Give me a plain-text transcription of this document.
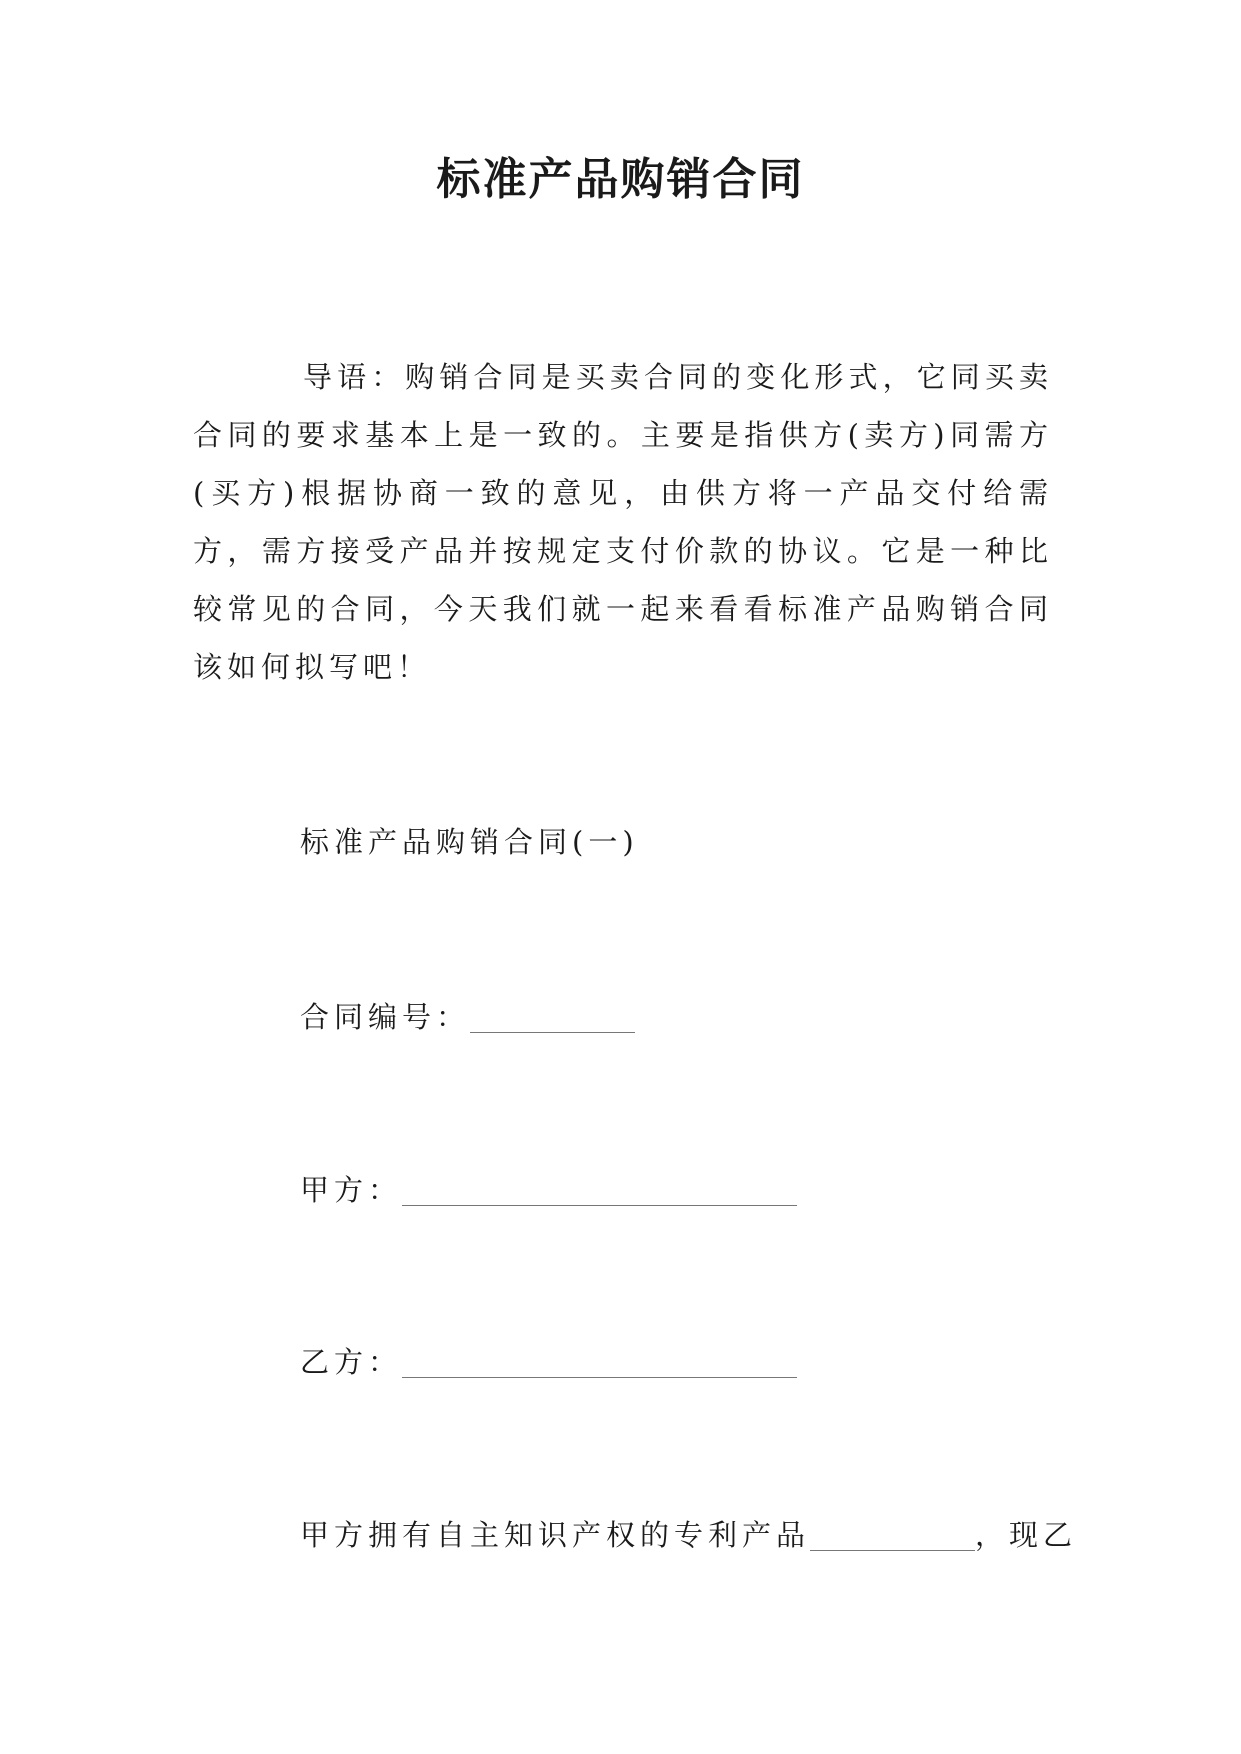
标准产品购销合同

导语：购销合同是买卖合同的变化形式，它同买卖合同的要求基本上是一致的。主要是指供方(卖方)同需方(买方)根据协商一致的意见，由供方将一产品交付给需方，需方接受产品并按规定支付价款的协议。它是一种比较常见的合同，今天我们就一起来看看标准产品购销合同该如何拟写吧！

标准产品购销合同(一)

合同编号：

甲方：

乙方：

甲方拥有自主知识产权的专利产品	，现乙
